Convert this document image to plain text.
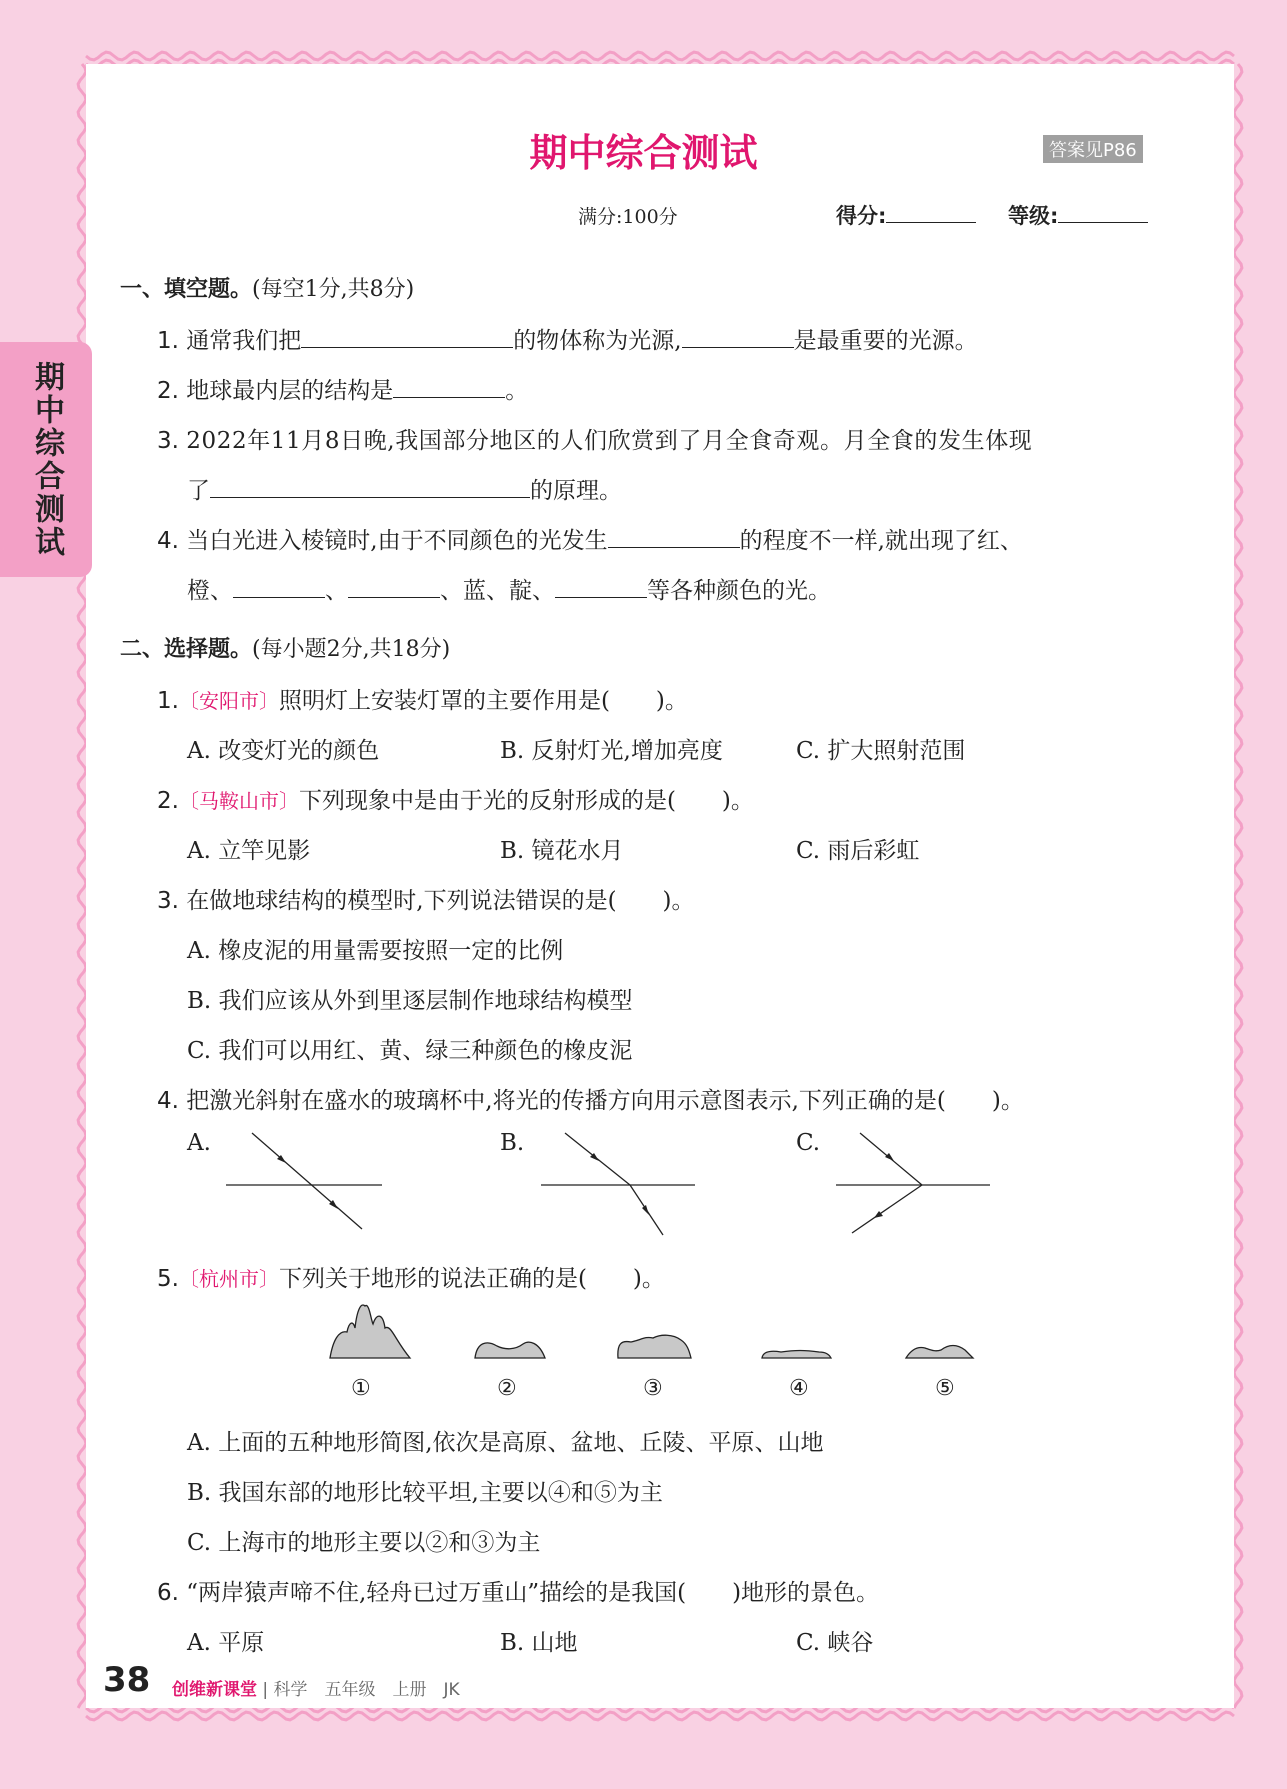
期中综合测试
期中综合测试	答案见P86
满分:100分	得分:	等级:
一、填空题。(每空1分,共8分)
1. 通常我们把	的物体称为光源,	是最重要的光源。
2. 地球最内层的结构是	。
3. 2022年11月8日晚,我国部分地区的人们欣赏到了月全食奇观。月全食的发生体现
了	的原理。
4. 当白光进入棱镜时,由于不同颜色的光发生	的程度不一样,就出现了红、
橙、	、	、蓝、靛、	等各种颜色的光。
二、选择题。(每小题2分,共18分)
1.〔安阳市〕照明灯上安装灯罩的主要作用是(　　)。
A. 改变灯光的颜色	B. 反射灯光,增加亮度	C. 扩大照射范围
2.〔马鞍山市〕下列现象中是由于光的反射形成的是(　　)。
A. 立竿见影	B. 镜花水月	C. 雨后彩虹
3. 在做地球结构的模型时,下列说法错误的是(　　)。
A. 橡皮泥的用量需要按照一定的比例
B. 我们应该从外到里逐层制作地球结构模型
C. 我们可以用红、黄、绿三种颜色的橡皮泥
4. 把激光斜射在盛水的玻璃杯中,将光的传播方向用示意图表示,下列正确的是(　　)。
A.	B.	C.
5.〔杭州市〕下列关于地形的说法正确的是(　　)。
①	②	③	④	⑤
A. 上面的五种地形简图,依次是高原、盆地、丘陵、平原、山地
B. 我国东部的地形比较平坦,主要以④和⑤为主
C. 上海市的地形主要以②和③为主
6. “两岸猿声啼不住,轻舟已过万重山”描绘的是我国(　　)地形的景色。
A. 平原	B. 山地	C. 峡谷
38 创维新课堂 | 科学　五年级　上册　JK
